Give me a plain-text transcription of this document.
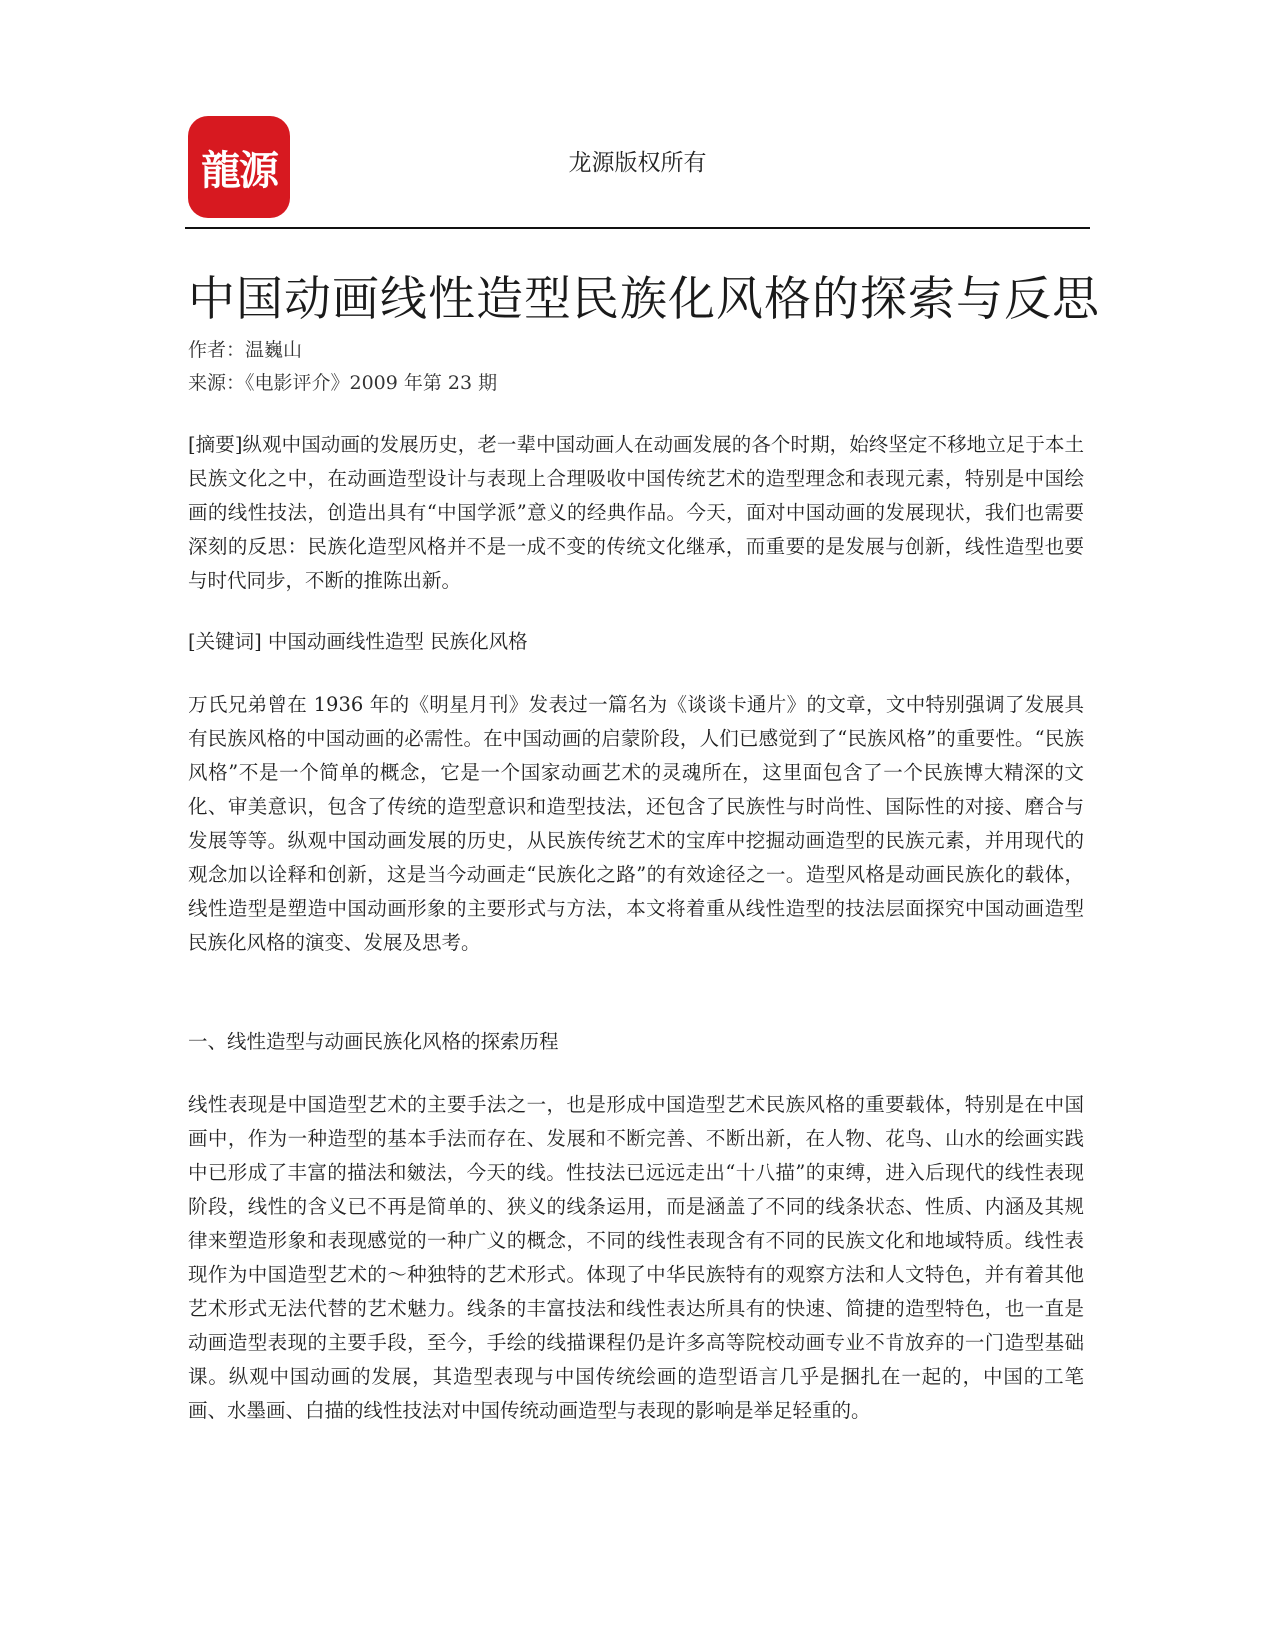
龍源	龙源版权所有
中国动画线性造型民族化风格的探索与反思
作者：温巍山
来源：《电影评介》2009 年第 23 期

[摘要]纵观中国动画的发展历史，老一辈中国动画人在动画发展的各个时期，始终坚定不移地立足于本土民族文化之中，在动画造型设计与表现上合理吸收中国传统艺术的造型理念和表现元素，特别是中国绘画的线性技法，创造出具有“中国学派”意义的经典作品。今天，面对中国动画的发展现状，我们也需要深刻的反思：民族化造型风格并不是一成不变的传统文化继承，而重要的是发展与创新，线性造型也要与时代同步，不断的推陈出新。

[关键词] 中国动画线性造型 民族化风格

万氏兄弟曾在 1936 年的《明星月刊》发表过一篇名为《谈谈卡通片》的文章，文中特别强调了发展具有民族风格的中国动画的必需性。在中国动画的启蒙阶段，人们已感觉到了“民族风格”的重要性。“民族风格”不是一个简单的概念，它是一个国家动画艺术的灵魂所在，这里面包含了一个民族博大精深的文化、审美意识，包含了传统的造型意识和造型技法，还包含了民族性与时尚性、国际性的对接、磨合与发展等等。纵观中国动画发展的历史，从民族传统艺术的宝库中挖掘动画造型的民族元素，并用现代的观念加以诠释和创新，这是当今动画走“民族化之路”的有效途径之一。造型风格是动画民族化的载体，线性造型是塑造中国动画形象的主要形式与方法，本文将着重从线性造型的技法层面探究中国动画造型民族化风格的演变、发展及思考。

一、线性造型与动画民族化风格的探索历程

线性表现是中国造型艺术的主要手法之一，也是形成中国造型艺术民族风格的重要载体，特别是在中国画中，作为一种造型的基本手法而存在、发展和不断完善、不断出新，在人物、花鸟、山水的绘画实践中已形成了丰富的描法和皴法，今天的线。性技法已远远走出“十八描”的束缚，进入后现代的线性表现阶段，线性的含义已不再是简单的、狭义的线条运用，而是涵盖了不同的线条状态、性质、内涵及其规律来塑造形象和表现感觉的一种广义的概念，不同的线性表现含有不同的民族文化和地域特质。线性表现作为中国造型艺术的～种独特的艺术形式。体现了中华民族特有的观察方法和人文特色，并有着其他艺术形式无法代替的艺术魅力。线条的丰富技法和线性表达所具有的快速、简捷的造型特色，也一直是动画造型表现的主要手段，至今，手绘的线描课程仍是许多高等院校动画专业不肯放弃的一门造型基础课。纵观中国动画的发展，其造型表现与中国传统绘画的造型语言几乎是捆扎在一起的，中国的工笔画、水墨画、白描的线性技法对中国传统动画造型与表现的影响是举足轻重的。
